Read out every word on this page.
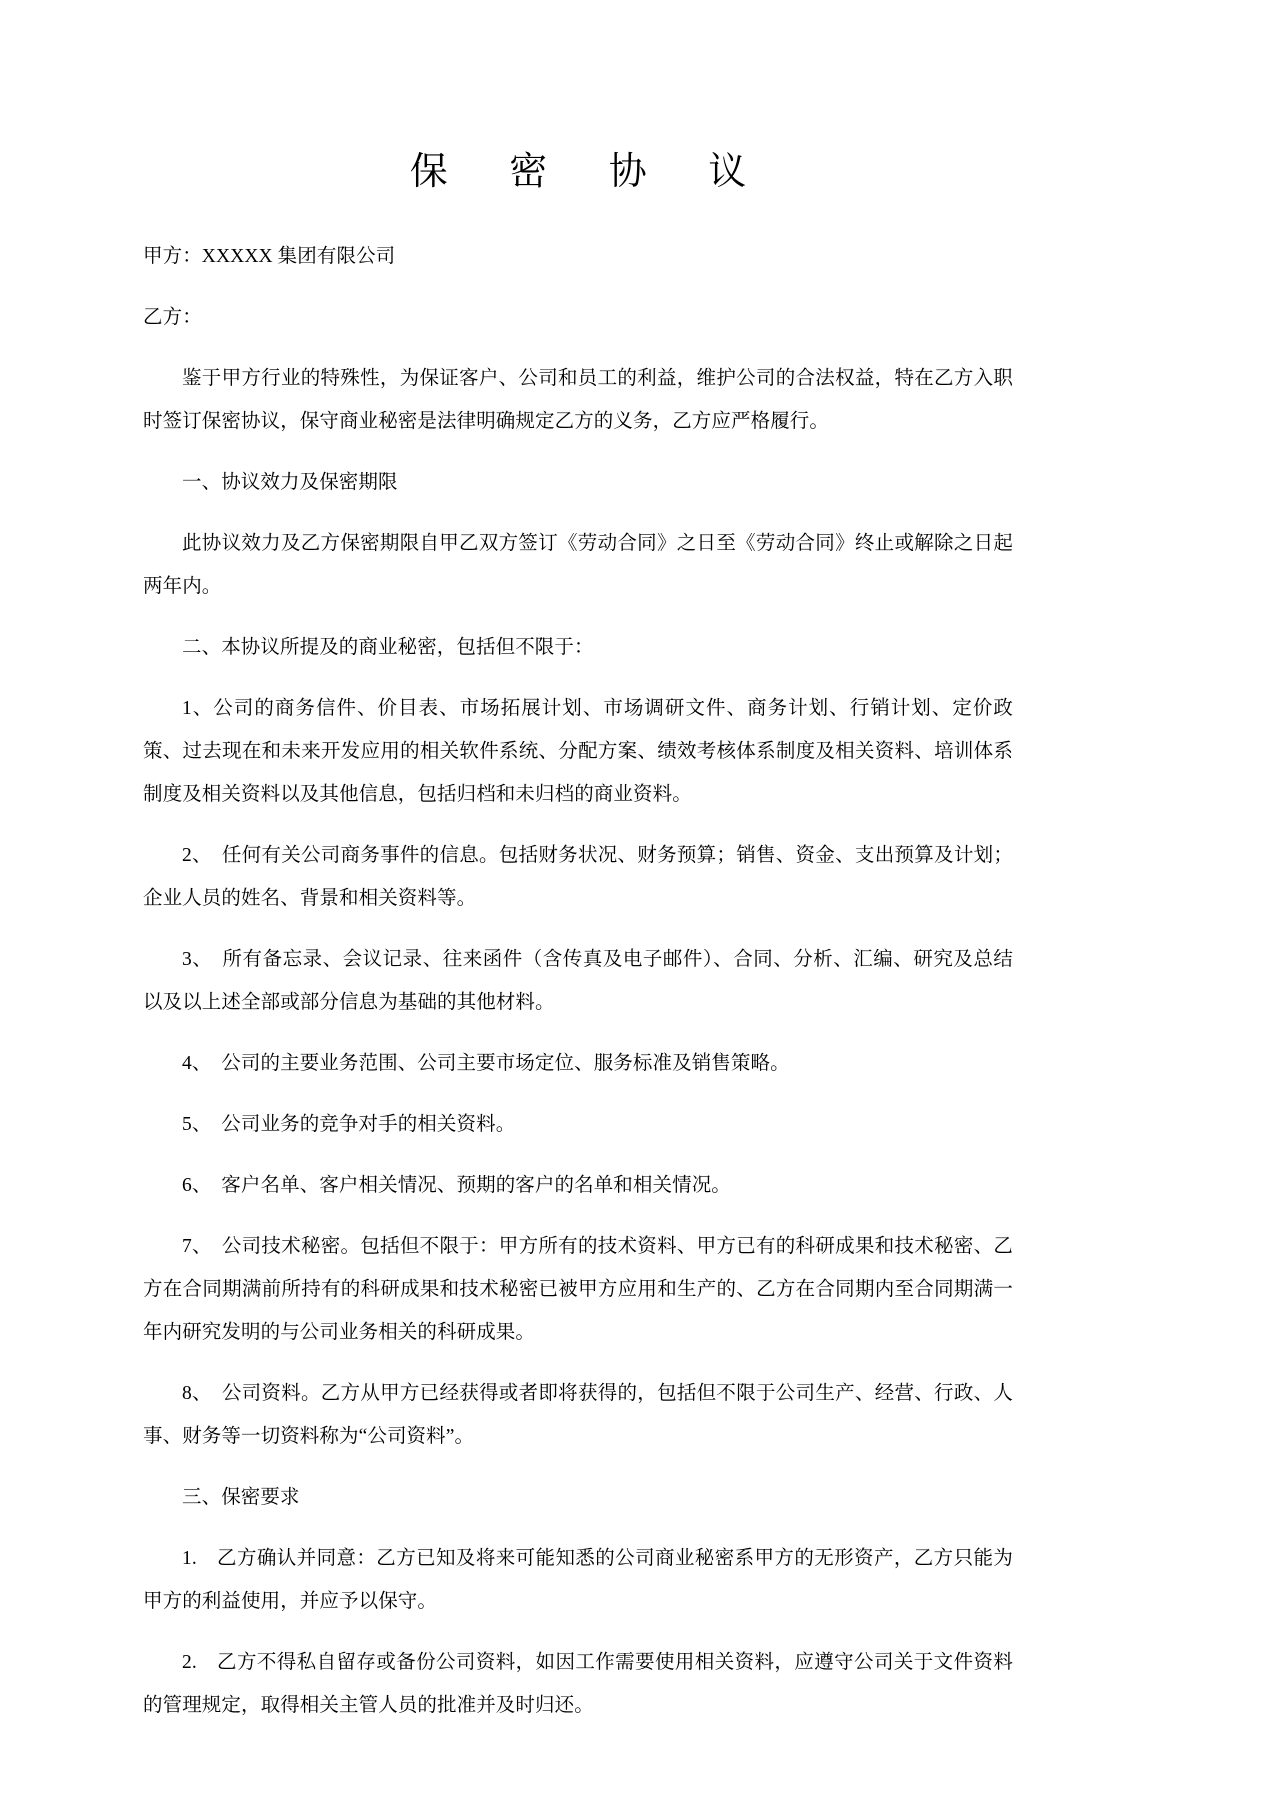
保 密 协 议

甲方：XXXXX 集团有限公司

乙方：

鉴于甲方行业的特殊性，为保证客户、公司和员工的利益，维护公司的合法权益，特在乙方入职时签订保密协议，保守商业秘密是法律明确规定乙方的义务，乙方应严格履行。

一、协议效力及保密期限

此协议效力及乙方保密期限自甲乙双方签订《劳动合同》之日至《劳动合同》终止或解除之日起两年内。

二、本协议所提及的商业秘密，包括但不限于：

1、公司的商务信件、价目表、市场拓展计划、市场调研文件、商务计划、行销计划、定价政策、过去现在和未来开发应用的相关软件系统、分配方案、绩效考核体系制度及相关资料、培训体系制度及相关资料以及其他信息，包括归档和未归档的商业资料。

2、　任何有关公司商务事件的信息。包括财务状况、财务预算；销售、资金、支出预算及计划；企业人员的姓名、背景和相关资料等。

3、　所有备忘录、会议记录、往来函件（含传真及电子邮件）、合同、分析、汇编、研究及总结以及以上述全部或部分信息为基础的其他材料。

4、　公司的主要业务范围、公司主要市场定位、服务标准及销售策略。

5、　公司业务的竞争对手的相关资料。

6、　客户名单、客户相关情况、预期的客户的名单和相关情况。

7、　公司技术秘密。包括但不限于：甲方所有的技术资料、甲方已有的科研成果和技术秘密、乙方在合同期满前所持有的科研成果和技术秘密已被甲方应用和生产的、乙方在合同期内至合同期满一年内研究发明的与公司业务相关的科研成果。

8、　公司资料。乙方从甲方已经获得或者即将获得的，包括但不限于公司生产、经营、行政、人事、财务等一切资料称为“公司资料”。

三、保密要求

1.　乙方确认并同意：乙方已知及将来可能知悉的公司商业秘密系甲方的无形资产，乙方只能为甲方的利益使用，并应予以保守。

2.　乙方不得私自留存或备份公司资料，如因工作需要使用相关资料，应遵守公司关于文件资料的管理规定，取得相关主管人员的批准并及时归还。
